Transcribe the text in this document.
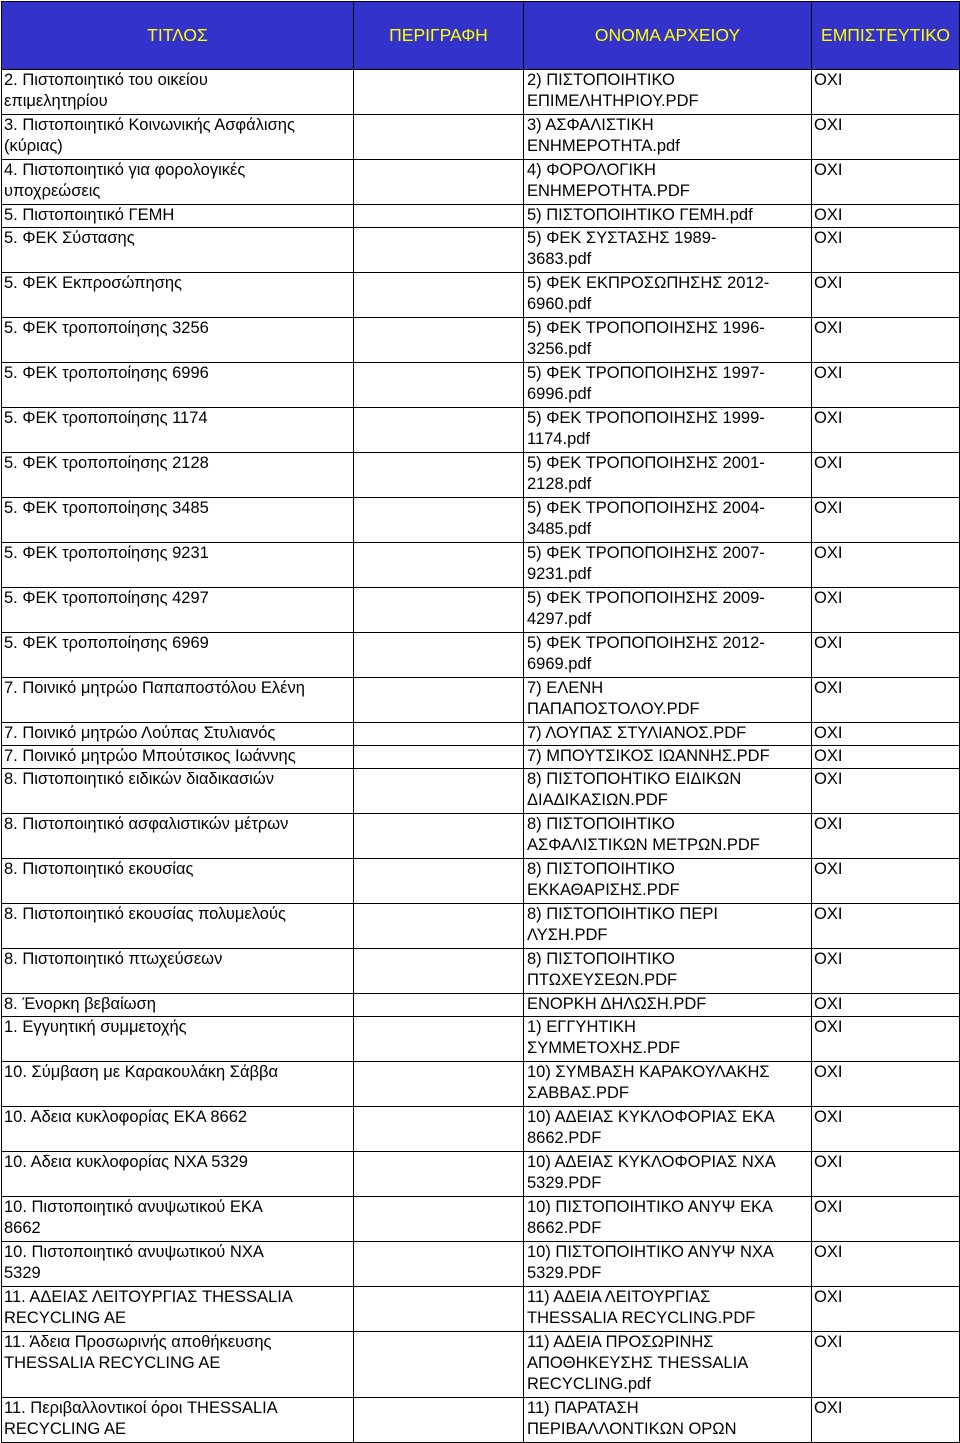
ΤΙΤΛΟΣ	ΠΕΡΙΓΡΑΦΗ	ΟΝΟΜΑ ΑΡΧΕΙΟΥ	ΕΜΠΙΣΤΕΥΤΙΚΟ

2. Πιστοποιητικό του οικείου
επιμελητηρίου		2) ΠΙΣΤΟΠΟΙΗΤΙΚΟ
ΕΠΙΜΕΛΗΤΗΡΙΟΥ.PDF	ΟΧΙ

3. Πιστοποιητικό Κοινωνικής Ασφάλισης
(κύριας)		3) ΑΣΦΑΛΙΣΤΙΚΗ
ΕΝΗΜΕΡΟΤΗΤΑ.pdf	ΟΧΙ

4. Πιστοποιητικό για φορολογικές
υποχρεώσεις		4) ΦΟΡΟΛΟΓΙΚΗ
ΕΝΗΜΕΡΟΤΗΤΑ.PDF	ΟΧΙ

5. Πιστοποιητικό ΓΕΜΗ		5) ΠΙΣΤΟΠΟΙΗΤΙΚΟ ΓΕΜΗ.pdf	ΟΧΙ

5. ΦΕΚ Σύστασης		5) ΦΕΚ ΣΥΣΤΑΣΗΣ 1989-
3683.pdf	ΟΧΙ

5. ΦΕΚ Εκπροσώπησης		5) ΦΕΚ ΕΚΠΡΟΣΩΠΗΣΗΣ 2012-
6960.pdf	ΟΧΙ

5. ΦΕΚ τροποποίησης 3256		5) ΦΕΚ ΤΡΟΠΟΠΟΙΗΣΗΣ 1996-
3256.pdf	ΟΧΙ

5. ΦΕΚ τροποποίησης 6996		5) ΦΕΚ ΤΡΟΠΟΠΟΙΗΣΗΣ 1997-
6996.pdf	ΟΧΙ

5. ΦΕΚ τροποποίησης 1174		5) ΦΕΚ ΤΡΟΠΟΠΟΙΗΣΗΣ 1999-
1174.pdf	ΟΧΙ

5. ΦΕΚ τροποποίησης 2128		5) ΦΕΚ ΤΡΟΠΟΠΟΙΗΣΗΣ 2001-
2128.pdf	ΟΧΙ

5. ΦΕΚ τροποποίησης 3485		5) ΦΕΚ ΤΡΟΠΟΠΟΙΗΣΗΣ 2004-
3485.pdf	ΟΧΙ

5. ΦΕΚ τροποποίησης 9231		5) ΦΕΚ ΤΡΟΠΟΠΟΙΗΣΗΣ 2007-
9231.pdf	ΟΧΙ

5. ΦΕΚ τροποποίησης 4297		5) ΦΕΚ ΤΡΟΠΟΠΟΙΗΣΗΣ 2009-
4297.pdf	ΟΧΙ

5. ΦΕΚ τροποποίησης 6969		5) ΦΕΚ ΤΡΟΠΟΠΟΙΗΣΗΣ 2012-
6969.pdf	ΟΧΙ

7. Ποινικό μητρώο Παπαποστόλου Ελένη		7) ΕΛΕΝΗ
ΠΑΠΑΠΟΣΤΟΛΟΥ.PDF	ΟΧΙ

7. Ποινικό μητρώο Λούπας Στυλιανός		7) ΛΟΥΠΑΣ ΣΤΥΛΙΑΝΟΣ.PDF	ΟΧΙ

7. Ποινικό μητρώο Μπούτσικος Ιωάννης		7) ΜΠΟΥΤΣΙΚΟΣ ΙΩΑΝΝΗΣ.PDF	ΟΧΙ

8. Πιστοποιητικό ειδικών διαδικασιών		8) ΠΙΣΤΟΠΟΗΤΙΚΟ ΕΙΔΙΚΩΝ
ΔΙΑΔΙΚΑΣΙΩΝ.PDF	ΟΧΙ

8. Πιστοποιητικό ασφαλιστικών μέτρων		8) ΠΙΣΤΟΠΟΙΗΤΙΚΟ
ΑΣΦΑΛΙΣΤΙΚΩΝ ΜΕΤΡΩΝ.PDF	ΟΧΙ

8. Πιστοποιητικό εκουσίας		8) ΠΙΣΤΟΠΟΙΗΤΙΚΟ
ΕΚΚΑΘΑΡΙΣΗΣ.PDF	ΟΧΙ

8. Πιστοποιητικό εκουσίας πολυμελούς		8) ΠΙΣΤΟΠΟΙΗΤΙΚΟ ΠΕΡΙ
ΛΥΣΗ.PDF	ΟΧΙ

8. Πιστοποιητικό πτωχεύσεων		8) ΠΙΣΤΟΠΟΙΗΤΙΚΟ
ΠΤΩΧΕΥΣΕΩΝ.PDF	ΟΧΙ

8. Ένορκη βεβαίωση		ΕΝΟΡΚΗ ΔΗΛΩΣΗ.PDF	ΟΧΙ

1. Εγγυητική συμμετοχής		1) ΕΓΓΥΗΤΙΚΗ
ΣΥΜΜΕΤΟΧΗΣ.PDF	ΟΧΙ

10. Σύμβαση με Καρακουλάκη Σάββα		10) ΣΥΜΒΑΣΗ ΚΑΡΑΚΟΥΛΑΚΗΣ
ΣΑΒΒΑΣ.PDF	ΟΧΙ

10. Αδεια κυκλοφορίας ΕΚΑ 8662		10) ΑΔΕΙΑΣ ΚΥΚΛΟΦΟΡΙΑΣ ΕΚΑ
8662.PDF	ΟΧΙ

10. Αδεια κυκλοφορίας ΝΧΑ 5329		10) ΑΔΕΙΑΣ ΚΥΚΛΟΦΟΡΙΑΣ ΝΧΑ
5329.PDF	ΟΧΙ

10. Πιστοποιητικό ανυψωτικού ΕΚΑ
8662		10) ΠΙΣΤΟΠΟΙΗΤΙΚΟ ΑΝΥΨ ΕΚΑ
8662.PDF	ΟΧΙ

10. Πιστοποιητικό ανυψωτικού ΝΧΑ
5329		10) ΠΙΣΤΟΠΟΙΗΤΙΚΟ ΑΝΥΨ ΝΧΑ
5329.PDF	ΟΧΙ

11. ΑΔΕΙΑΣ ΛΕΙΤΟΥΡΓΙΑΣ THESSALIA
RECYCLING AE		11) ΑΔΕΙΑ ΛΕΙΤΟΥΡΓΙΑΣ
THESSALIA RECYCLING.PDF	ΟΧΙ

11. Άδεια Προσωρινής αποθήκευσης
THESSALIA RECYCLING AE		11) ΑΔΕΙΑ ΠΡΟΣΩΡΙΝΗΣ
ΑΠΟΘΗΚΕΥΣΗΣ THESSALIA
RECYCLING.pdf	ΟΧΙ

11. Περιβαλλοντικοί όροι THESSALIA
RECYCLING AE		11) ΠΑΡΑΤΑΣΗ
ΠΕΡΙΒΑΛΛΟΝΤΙΚΩΝ ΟΡΩΝ	ΟΧΙ
